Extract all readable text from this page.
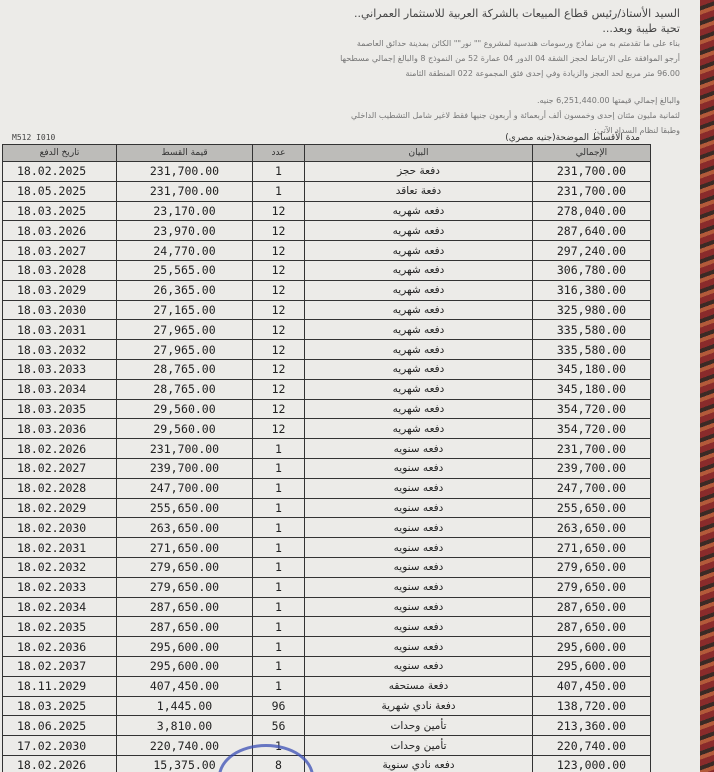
السيد الأستاذ/رئيس قطاع المبيعات بالشركة العربية للاستثمار العمراني..

تحية طيبة وبعد...

بناء على ما تقدمتم به من نماذج ورسومات هندسية لمشروع "" نور"" الكائن بمدينة حدائق العاصمة

أرجو الموافقة على الارتباط لحجز الشقة 04 الدور 04 عمارة 52 من النموذج 8 والبالغ إجمالي مسطحها

96.00 متر مربع لحد العجز والزيادة وفي إحدى فئق المجموعة 022 المنطقة الثامنة

والبالغ إجمالي قيمتها 6,251,440.00 جنيه.

لثمانية مليون مئتان إحدى وخمسون ألف أربعمائة و أربعون جنيها فقط لاغير شامل التشطيب الداخلي

وطبقا لنظام السداد الآتي:

مدة الأقساط الموضحة(جنيه مصري)
M512 I010
تاريخ الدفع	قيمة القسط	عدد	البيان	الإجمالي
18.02.2025	231,700.00	1	دفعة حجز	231,700.00
18.05.2025	231,700.00	1	دفعة تعاقد	231,700.00
18.03.2025	23,170.00	12	دفعه شهريه	278,040.00
18.03.2026	23,970.00	12	دفعه شهريه	287,640.00
18.03.2027	24,770.00	12	دفعه شهريه	297,240.00
18.03.2028	25,565.00	12	دفعه شهريه	306,780.00
18.03.2029	26,365.00	12	دفعه شهريه	316,380.00
18.03.2030	27,165.00	12	دفعه شهريه	325,980.00
18.03.2031	27,965.00	12	دفعه شهريه	335,580.00
18.03.2032	27,965.00	12	دفعه شهريه	335,580.00
18.03.2033	28,765.00	12	دفعه شهريه	345,180.00
18.03.2034	28,765.00	12	دفعه شهريه	345,180.00
18.03.2035	29,560.00	12	دفعه شهريه	354,720.00
18.03.2036	29,560.00	12	دفعه شهريه	354,720.00
18.02.2026	231,700.00	1	دفعه سنويه	231,700.00
18.02.2027	239,700.00	1	دفعه سنويه	239,700.00
18.02.2028	247,700.00	1	دفعه سنويه	247,700.00
18.02.2029	255,650.00	1	دفعه سنويه	255,650.00
18.02.2030	263,650.00	1	دفعه سنويه	263,650.00
18.02.2031	271,650.00	1	دفعه سنويه	271,650.00
18.02.2032	279,650.00	1	دفعه سنويه	279,650.00
18.02.2033	279,650.00	1	دفعه سنويه	279,650.00
18.02.2034	287,650.00	1	دفعه سنويه	287,650.00
18.02.2035	287,650.00	1	دفعه سنويه	287,650.00
18.02.2036	295,600.00	1	دفعه سنويه	295,600.00
18.02.2037	295,600.00	1	دفعه سنويه	295,600.00
18.11.2029	407,450.00	1	دفعة مستحقه	407,450.00
18.03.2025	1,445.00	96	دفعة نادي شهرية	138,720.00
18.06.2025	3,810.00	56	تأمين وحدات	213,360.00
17.02.2030	220,740.00	1	تأمين وحدات	220,740.00
18.02.2026	15,375.00	8	دفعه نادي سنوية	123,000.00
